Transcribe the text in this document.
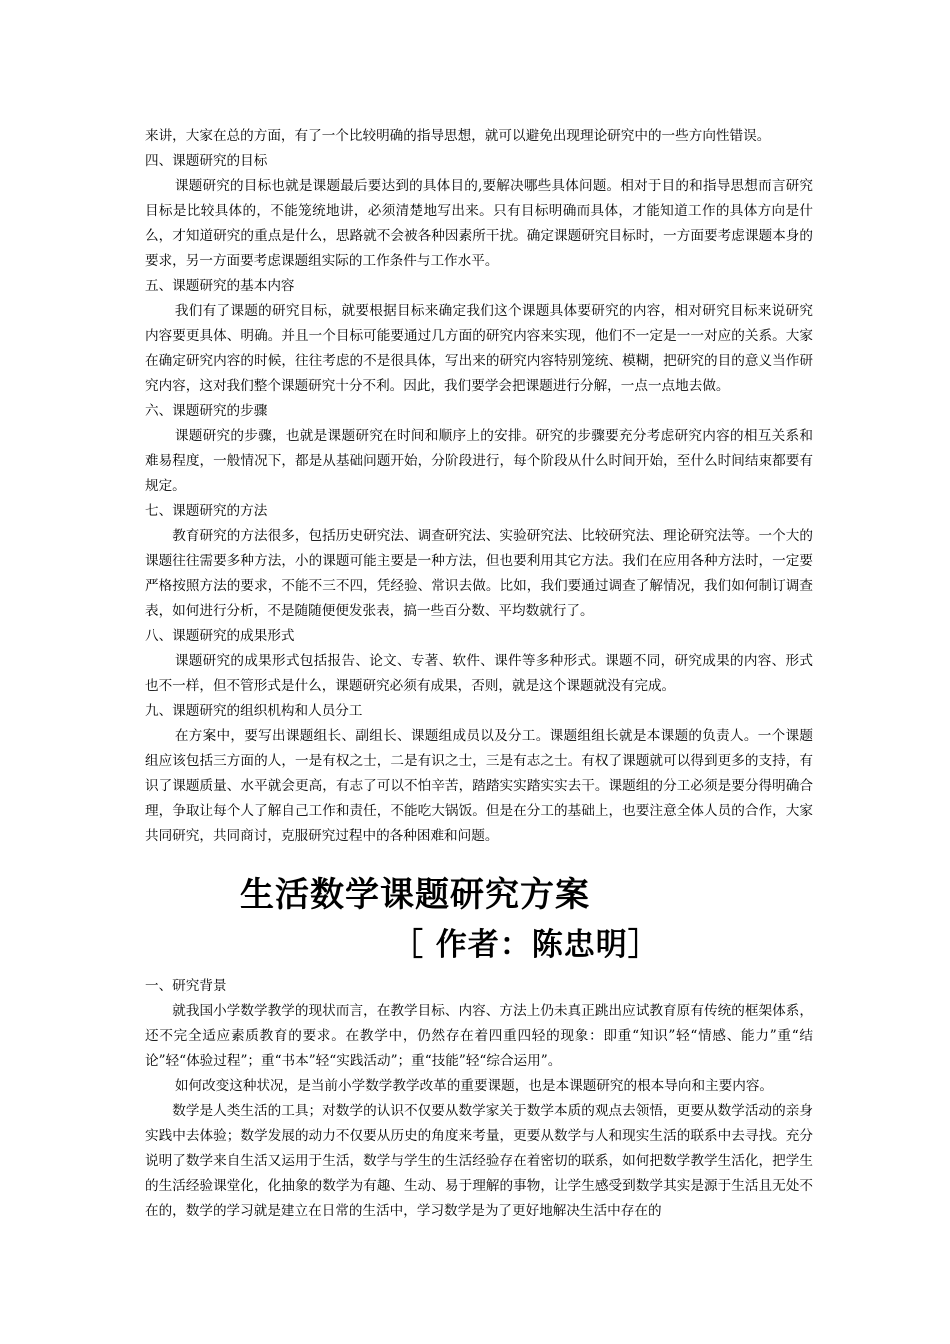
来讲，大家在总的方面，有了一个比较明确的指导思想，就可以避免出现理论研究中的一些方向性错误。
四、课题研究的目标
课题研究的目标也就是课题最后要达到的具体目的,要解决哪些具体问题。相对于目的和指导思想而言研究目标是比较具体的，不能笼统地讲，必须清楚地写出来。只有目标明确而具体，才能知道工作的具体方向是什么，才知道研究的重点是什么，思路就不会被各种因素所干扰。确定课题研究目标时，一方面要考虑课题本身的要求，另一方面要考虑课题组实际的工作条件与工作水平。
五、课题研究的基本内容
我们有了课题的研究目标，就要根据目标来确定我们这个课题具体要研究的内容，相对研究目标来说研究内容要更具体、明确。并且一个目标可能要通过几方面的研究内容来实现，他们不一定是一一对应的关系。大家在确定研究内容的时候，往往考虑的不是很具体，写出来的研究内容特别笼统、模糊，把研究的目的意义当作研究内容，这对我们整个课题研究十分不利。因此，我们要学会把课题进行分解，一点一点地去做。
六、课题研究的步骤
课题研究的步骤，也就是课题研究在时间和顺序上的安排。研究的步骤要充分考虑研究内容的相互关系和难易程度，一般情况下，都是从基础问题开始，分阶段进行，每个阶段从什么时间开始，至什么时间结束都要有规定。
七、课题研究的方法
教育研究的方法很多，包括历史研究法、调查研究法、实验研究法、比较研究法、理论研究法等。一个大的课题往往需要多种方法，小的课题可能主要是一种方法，但也要利用其它方法。我们在应用各种方法时，一定要严格按照方法的要求，不能不三不四，凭经验、常识去做。比如，我们要通过调查了解情况，我们如何制订调查表，如何进行分析，不是随随便便发张表，搞一些百分数、平均数就行了。
八、课题研究的成果形式
课题研究的成果形式包括报告、论文、专著、软件、课件等多种形式。课题不同，研究成果的内容、形式也不一样，但不管形式是什么，课题研究必须有成果，否则，就是这个课题就没有完成。
九、课题研究的组织机构和人员分工
在方案中，要写出课题组长、副组长、课题组成员以及分工。课题组组长就是本课题的负责人。一个课题组应该包括三方面的人，一是有权之士，二是有识之士，三是有志之士。有权了课题就可以得到更多的支持，有识了课题质量、水平就会更高，有志了可以不怕辛苦，踏踏实实踏实实去干。课题组的分工必须是要分得明确合理，争取让每个人了解自己工作和责任，不能吃大锅饭。但是在分工的基础上，也要注意全体人员的合作，大家共同研究，共同商讨，克服研究过程中的各种困难和问题。
生活数学课题研究方案
［ 作者：陈忠明］
一、研究背景
就我国小学数学教学的现状而言，在教学目标、内容、方法上仍未真正跳出应试教育原有传统的框架体系，还不完全适应素质教育的要求。在教学中，仍然存在着四重四轻的现象：即重“知识”轻“情感、能力”重“结论”轻“体验过程”；重“书本”轻“实践活动”；重“技能”轻“综合运用”。
如何改变这种状况，是当前小学数学教学改革的重要课题，也是本课题研究的根本导向和主要内容。
数学是人类生活的工具；对数学的认识不仅要从数学家关于数学本质的观点去领悟，更要从数学活动的亲身实践中去体验；数学发展的动力不仅要从历史的角度来考量，更要从数学与人和现实生活的联系中去寻找。充分说明了数学来自生活又运用于生活，数学与学生的生活经验存在着密切的联系，如何把数学教学生活化，把学生的生活经验课堂化，化抽象的数学为有趣、生动、易于理解的事物，让学生感受到数学其实是源于生活且无处不在的，数学的学习就是建立在日常的生活中，学习数学是为了更好地解决生活中存在的
